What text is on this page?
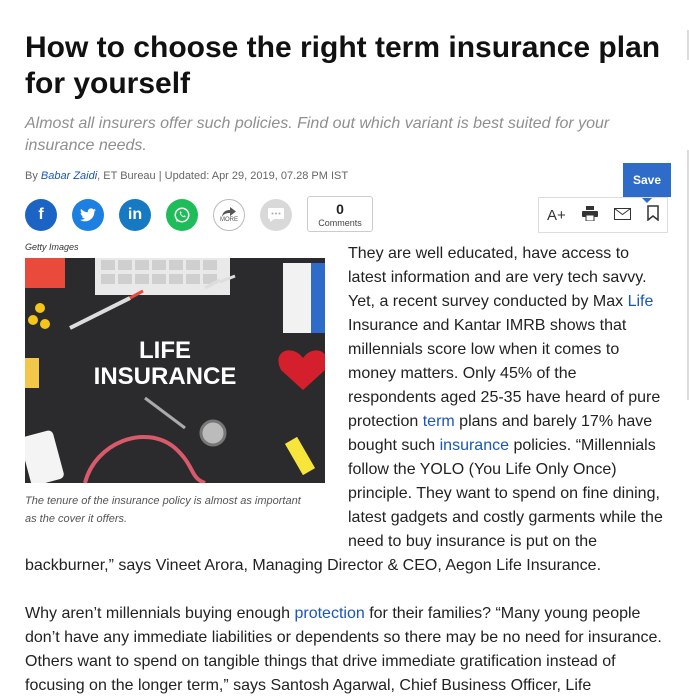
How to choose the right term insurance plan for yourself
Almost all insurers offer such policies. Find out which variant is best suited for your insurance needs.
By Babar Zaidi, ET Bureau | Updated: Apr 29, 2019, 07.28 PM IST
f	in	MORE
0
Comments
Save
A+
Getty Images
LIFE
INSURANCE
The tenure of the insurance policy is almost as important as the cover it offers.
They are well educated, have access to latest information and are very tech savvy. Yet, a recent survey conducted by Max Life Insurance and Kantar IMRB shows that millennials score low when it comes to money matters. Only 45% of the respondents aged 25-35 have heard of pure protection term plans and barely 17% have bought such insurance policies. “Millennials follow the YOLO (You Life Only Once) principle. They want to spend on fine dining, latest gadgets and costly garments while the need to buy insurance is put on the
backburner,” says Vineet Arora, Managing Director & CEO, Aegon Life Insurance.
Why aren’t millennials buying enough protection for their families? “Many young people don’t have any immediate liabilities or dependents so there may be no need for insurance. Others want to spend on tangible things that drive immediate gratification instead of focusing on the longer term,” says Santosh Agarwal, Chief Business Officer, Life
